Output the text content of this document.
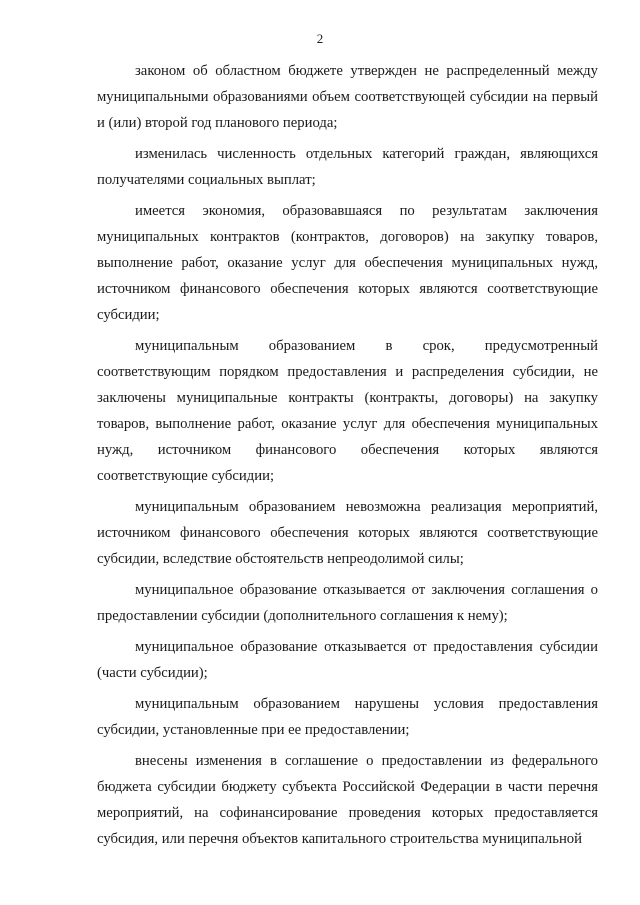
2

законом об областном бюджете утвержден не распределенный между муниципальными образованиями объем соответствующей субсидии на первый и (или) второй год планового периода;

изменилась численность отдельных категорий граждан, являющихся получателями социальных выплат;

имеется экономия, образовавшаяся по результатам заключения муниципальных контрактов (контрактов, договоров) на закупку товаров, выполнение работ, оказание услуг для обеспечения муниципальных нужд, источником финансового обеспечения которых являются соответствующие субсидии;

муниципальным образованием в срок, предусмотренный соответствующим порядком предоставления и распределения субсидии, не заключены муниципальные контракты (контракты, договоры) на закупку товаров, выполнение работ, оказание услуг для обеспечения муниципальных нужд, источником финансового обеспечения которых являются соответствующие субсидии;

муниципальным образованием невозможна реализация мероприятий, источником финансового обеспечения которых являются соответствующие субсидии, вследствие обстоятельств непреодолимой силы;

муниципальное образование отказывается от заключения соглашения о предоставлении субсидии (дополнительного соглашения к нему);

муниципальное образование отказывается от предоставления субсидии (части субсидии);

муниципальным образованием нарушены условия предоставления субсидии, установленные при ее предоставлении;

внесены изменения в соглашение о предоставлении из федерального бюджета субсидии бюджету субъекта Российской Федерации в части перечня мероприятий, на софинансирование проведения которых предоставляется субсидия, или перечня объектов капитального строительства муниципальной
